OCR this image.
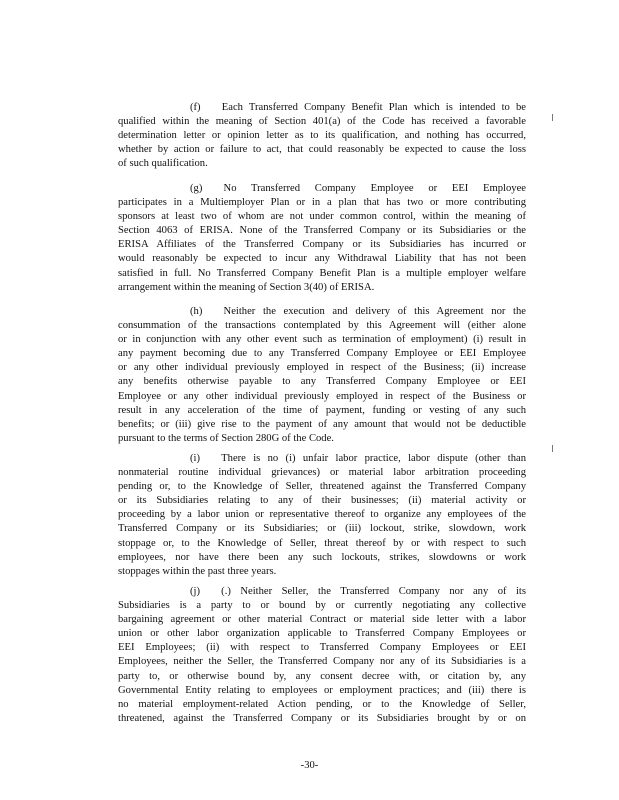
(f)  Each Transferred Company Benefit Plan which is intended to be
qualified within the meaning of Section 401(a) of the Code has received a favorable
determination letter or opinion letter as to its qualification, and nothing has occurred,
whether by action or failure to act, that could reasonably be expected to cause the loss
of such qualification.
(g)  No Transferred Company Employee or EEI Employee
participates in a Multiemployer Plan or in a plan that has two or more contributing
sponsors at least two of whom are not under common control, within the meaning of
Section 4063 of ERISA. None of the Transferred Company or its Subsidiaries or the
ERISA Affiliates of the Transferred Company or its Subsidiaries has incurred or
would reasonably be expected to incur any Withdrawal Liability that has not been
satisfied in full. No Transferred Company Benefit Plan is a multiple employer welfare
arrangement within the meaning of Section 3(40) of ERISA.
(h)  Neither the execution and delivery of this Agreement nor the
consummation of the transactions contemplated by this Agreement will (either alone
or in conjunction with any other event such as termination of employment) (i) result in
any payment becoming due to any Transferred Company Employee or EEI Employee
or any other individual previously employed in respect of the Business; (ii) increase
any benefits otherwise payable to any Transferred Company Employee or EEI
Employee or any other individual previously employed in respect of the Business or
result in any acceleration of the time of payment, funding or vesting of any such
benefits; or (iii) give rise to the payment of any amount that would not be deductible
pursuant to the terms of Section 280G of the Code.
(i)  There is no (i) unfair labor practice, labor dispute (other than
nonmaterial routine individual grievances) or material labor arbitration proceeding
pending or, to the Knowledge of Seller, threatened against the Transferred Company
or its Subsidiaries relating to any of their businesses; (ii) material activity or
proceeding by a labor union or representative thereof to organize any employees of the
Transferred Company or its Subsidiaries; or (iii) lockout, strike, slowdown, work
stoppage or, to the Knowledge of Seller, threat thereof by or with respect to such
employees, nor have there been any such lockouts, strikes, slowdowns or work
stoppages within the past three years.
(j)  (.) Neither Seller, the Transferred Company nor any of its
Subsidiaries is a party to or bound by or currently negotiating any collective
bargaining agreement or other material Contract or material side letter with a labor
union or other labor organization applicable to Transferred Company Employees or
EEI Employees; (ii) with respect to Transferred Company Employees or EEI
Employees, neither the Seller, the Transferred Company nor any of its Subsidiaries is a
party to, or otherwise bound by, any consent decree with, or citation by, any
Governmental Entity relating to employees or employment practices; and (iii) there is
no material employment-related Action pending, or to the Knowledge of Seller,
threatened, against the Transferred Company or its Subsidiaries brought by or on
-30-
